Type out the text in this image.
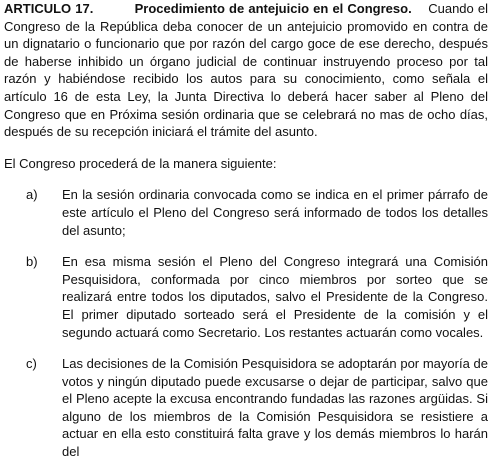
ARTICULO 17.	Procedimiento de antejuicio en el Congreso. Cuando el Congreso de la República deba conocer de un antejuicio promovido en contra de un dignatario o funcionario que por razón del cargo goce de ese derecho, después de haberse inhibido un órgano judicial de continuar instruyendo proceso por tal razón y habiéndose recibido los autos para su conocimiento, como señala el artículo 16 de esta Ley, la Junta Directiva lo deberá hacer saber al Pleno del Congreso que en Próxima sesión ordinaria que se celebrará no mas de ocho días, después de su recepción iniciará el trámite del asunto.

El Congreso procederá de la manera siguiente:

a)	En la sesión ordinaria convocada como se indica en el primer párrafo de este artículo el Pleno del Congreso será informado de todos los detalles del asunto;

b)	En esa misma sesión el Pleno del Congreso integrará una Comisión Pesquisidora, conformada por cinco miembros por sorteo que se realizará entre todos los diputados, salvo el Presidente de la Congreso. El primer diputado sorteado será el Presidente de la comisión y el segundo actuará como Secretario. Los restantes actuarán como vocales.

c)	Las decisiones de la Comisión Pesquisidora se adoptarán por mayoría de votos y ningún diputado puede excusarse o dejar de participar, salvo que el Pleno acepte la excusa encontrando fundadas las razones argüidas. Si alguno de los miembros de la Comisión Pesquisidora se resistiere a actuar en ella esto constituirá falta grave y los demás miembros lo harán del
